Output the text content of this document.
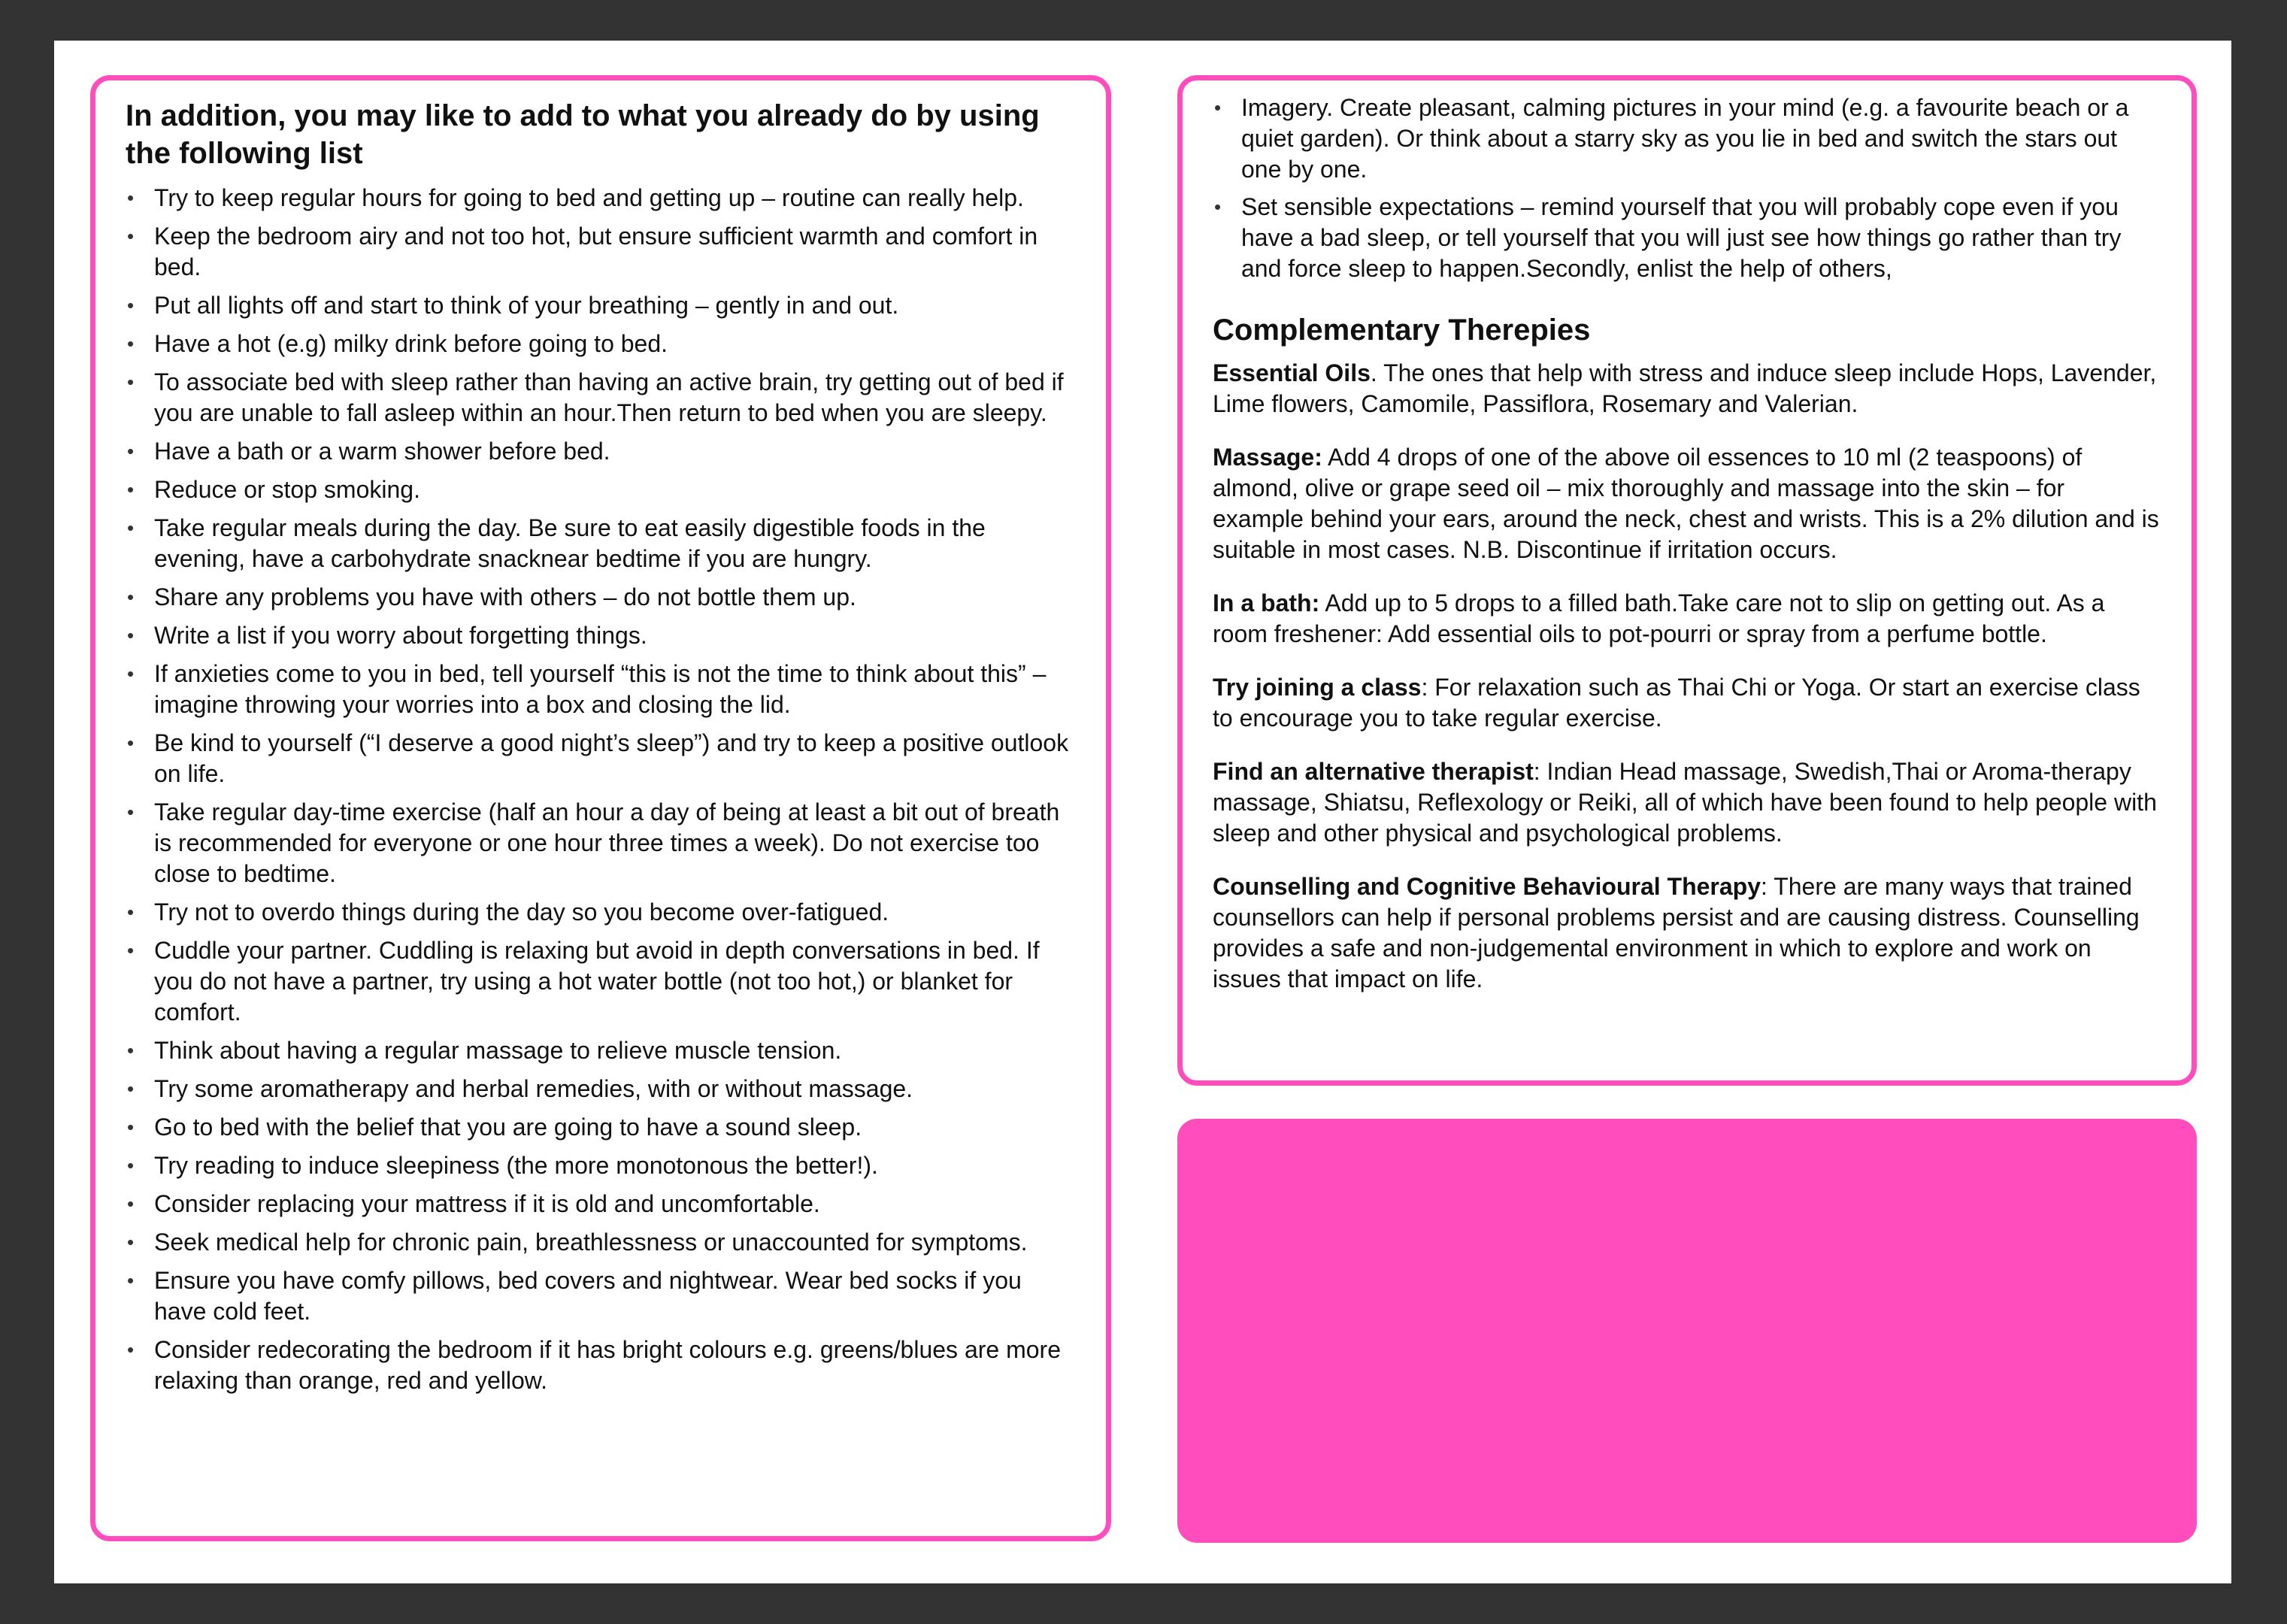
In addition, you may like to add to what you already do by using the following list
• Try to keep regular hours for going to bed and getting up – routine can really help.
• Keep the bedroom airy and not too hot, but ensure sufficient warmth and comfort in bed.
• Put all lights off and start to think of your breathing – gently in and out.
• Have a hot (e.g) milky drink before going to bed.
• To associate bed with sleep rather than having an active brain, try getting out of bed if you are unable to fall asleep within an hour.Then return to bed when you are sleepy.
• Have a bath or a warm shower before bed.
• Reduce or stop smoking.
• Take regular meals during the day. Be sure to eat easily digestible foods in the evening, have a carbohydrate snacknear bedtime if you are hungry.
• Share any problems you have with others – do not bottle them up.
• Write a list if you worry about forgetting things.
• If anxieties come to you in bed, tell yourself “this is not the time to think about this” – imagine throwing your worries into a box and closing the lid.
• Be kind to yourself (“I deserve a good night’s sleep”) and try to keep a positive outlook on life.
• Take regular day-time exercise (half an hour a day of being at least a bit out of breath is recommended for everyone or one hour three times a week). Do not exercise too close to bedtime.
• Try not to overdo things during the day so you become over-fatigued.
• Cuddle your partner. Cuddling is relaxing but avoid in depth conversations in bed. If you do not have a partner, try using a hot water bottle (not too hot,) or blanket for comfort.
• Think about having a regular massage to relieve muscle tension.
• Try some aromatherapy and herbal remedies, with or without massage.
• Go to bed with the belief that you are going to have a sound sleep.
• Try reading to induce sleepiness (the more monotonous the better!).
• Consider replacing your mattress if it is old and uncomfortable.
• Seek medical help for chronic pain, breathlessness or unaccounted for symptoms.
• Ensure you have comfy pillows, bed covers and nightwear. Wear bed socks if you have cold feet.
• Consider redecorating the bedroom if it has bright colours e.g. greens/blues are more relaxing than orange, red and yellow.
• Imagery. Create pleasant, calming pictures in your mind (e.g. a favourite beach or a quiet garden). Or think about a starry sky as you lie in bed and switch the stars out one by one.
• Set sensible expectations – remind yourself that you will probably cope even if you have a bad sleep, or tell yourself that you will just see how things go rather than try and force sleep to happen.Secondly, enlist the help of others,
Complementary Therepies

Essential Oils. The ones that help with stress and induce sleep include Hops, Lavender, Lime flowers, Camomile, Passiflora, Rosemary and Valerian.

Massage: Add 4 drops of one of the above oil essences to 10 ml (2 teaspoons) of almond, olive or grape seed oil – mix thoroughly and massage into the skin – for example behind your ears, around the neck, chest and wrists. This is a 2% dilution and is suitable in most cases. N.B. Discontinue if irritation occurs.

In a bath: Add up to 5 drops to a filled bath.Take care not to slip on getting out. As a room freshener: Add essential oils to pot-pourri or spray from a perfume bottle.

Try joining a class: For relaxation such as Thai Chi or Yoga. Or start an exercise class to encourage you to take regular exercise.

Find an alternative therapist: Indian Head massage, Swedish,Thai or Aroma-therapy massage, Shiatsu, Reflexology or Reiki, all of which have been found to help people with sleep and other physical and psychological problems.

Counselling and Cognitive Behavioural Therapy: There are many ways that trained counsellors can help if personal problems persist and are causing distress. Counselling provides a safe and non-judgemental environment in which to explore and work on issues that impact on life.
